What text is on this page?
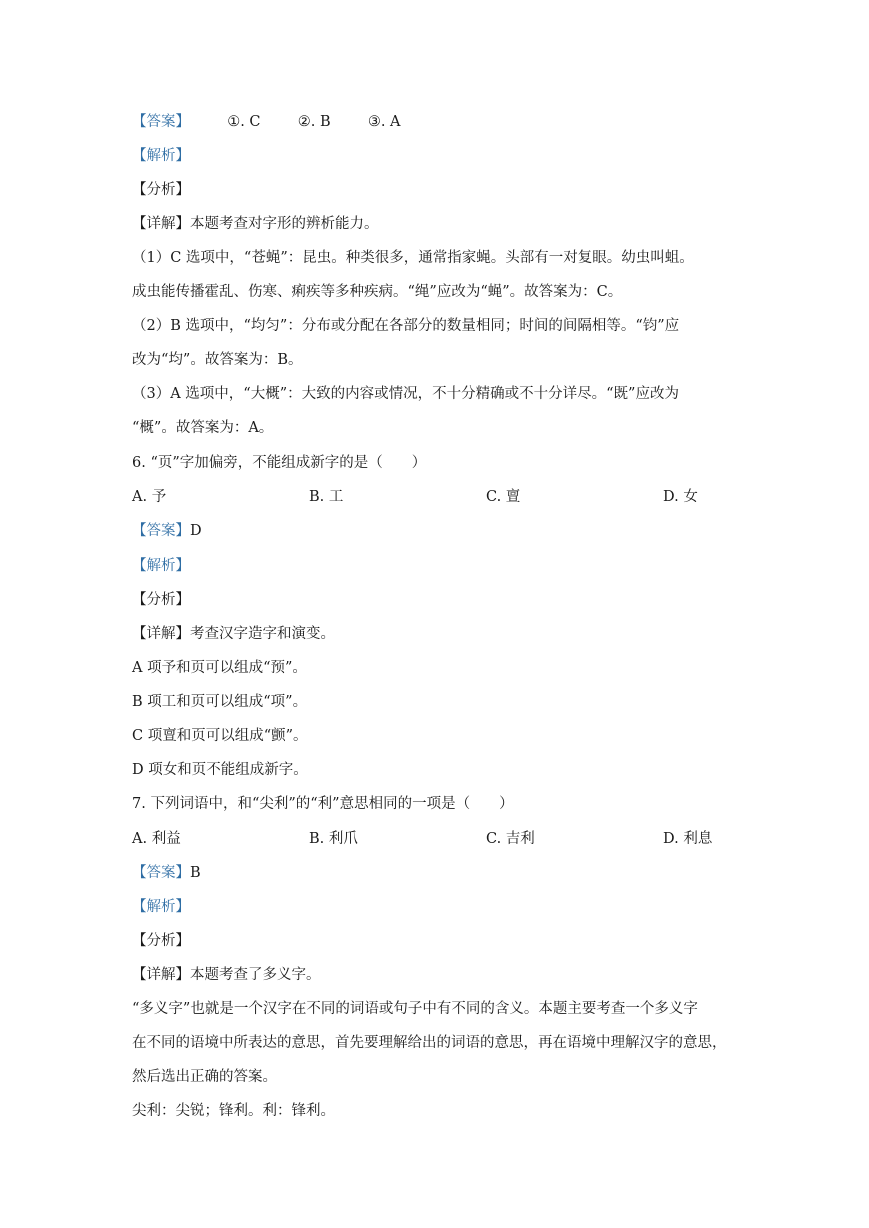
【答案】	①. C	②. B	③. A
【解析】
【分析】
【详解】本题考查对字形的辨析能力。
（1）C 选项中，“苍蝇”：昆虫。种类很多，通常指家蝇。头部有一对复眼。幼虫叫蛆。
成虫能传播霍乱、伤寒、痢疾等多种疾病。“绳”应改为“蝇”。故答案为：C。
（2）B 选项中，“均匀”：分布或分配在各部分的数量相同；时间的间隔相等。“钧”应
改为“均”。故答案为：B。
（3）A 选项中，“大概”：大致的内容或情况，不十分精确或不十分详尽。“既”应改为
“概”。故答案为：A。
6. “页”字加偏旁，不能组成新字的是（　　）
A. 予	B. 工	C. 亶	D. 女
【答案】D
【解析】
【分析】
【详解】考查汉字造字和演变。
A 项予和页可以组成“预”。
B 项工和页可以组成“项”。
C 项亶和页可以组成“颤”。
D 项女和页不能组成新字。
7. 下列词语中，和“尖利”的“利”意思相同的一项是（　　）
A. 利益	B. 利爪	C. 吉利	D. 利息
【答案】B
【解析】
【分析】
【详解】本题考查了多义字。
“多义字”也就是一个汉字在不同的词语或句子中有不同的含义。本题主要考查一个多义字
在不同的语境中所表达的意思，首先要理解给出的词语的意思，再在语境中理解汉字的意思，
然后选出正确的答案。
尖利：尖锐；锋利。利：锋利。
